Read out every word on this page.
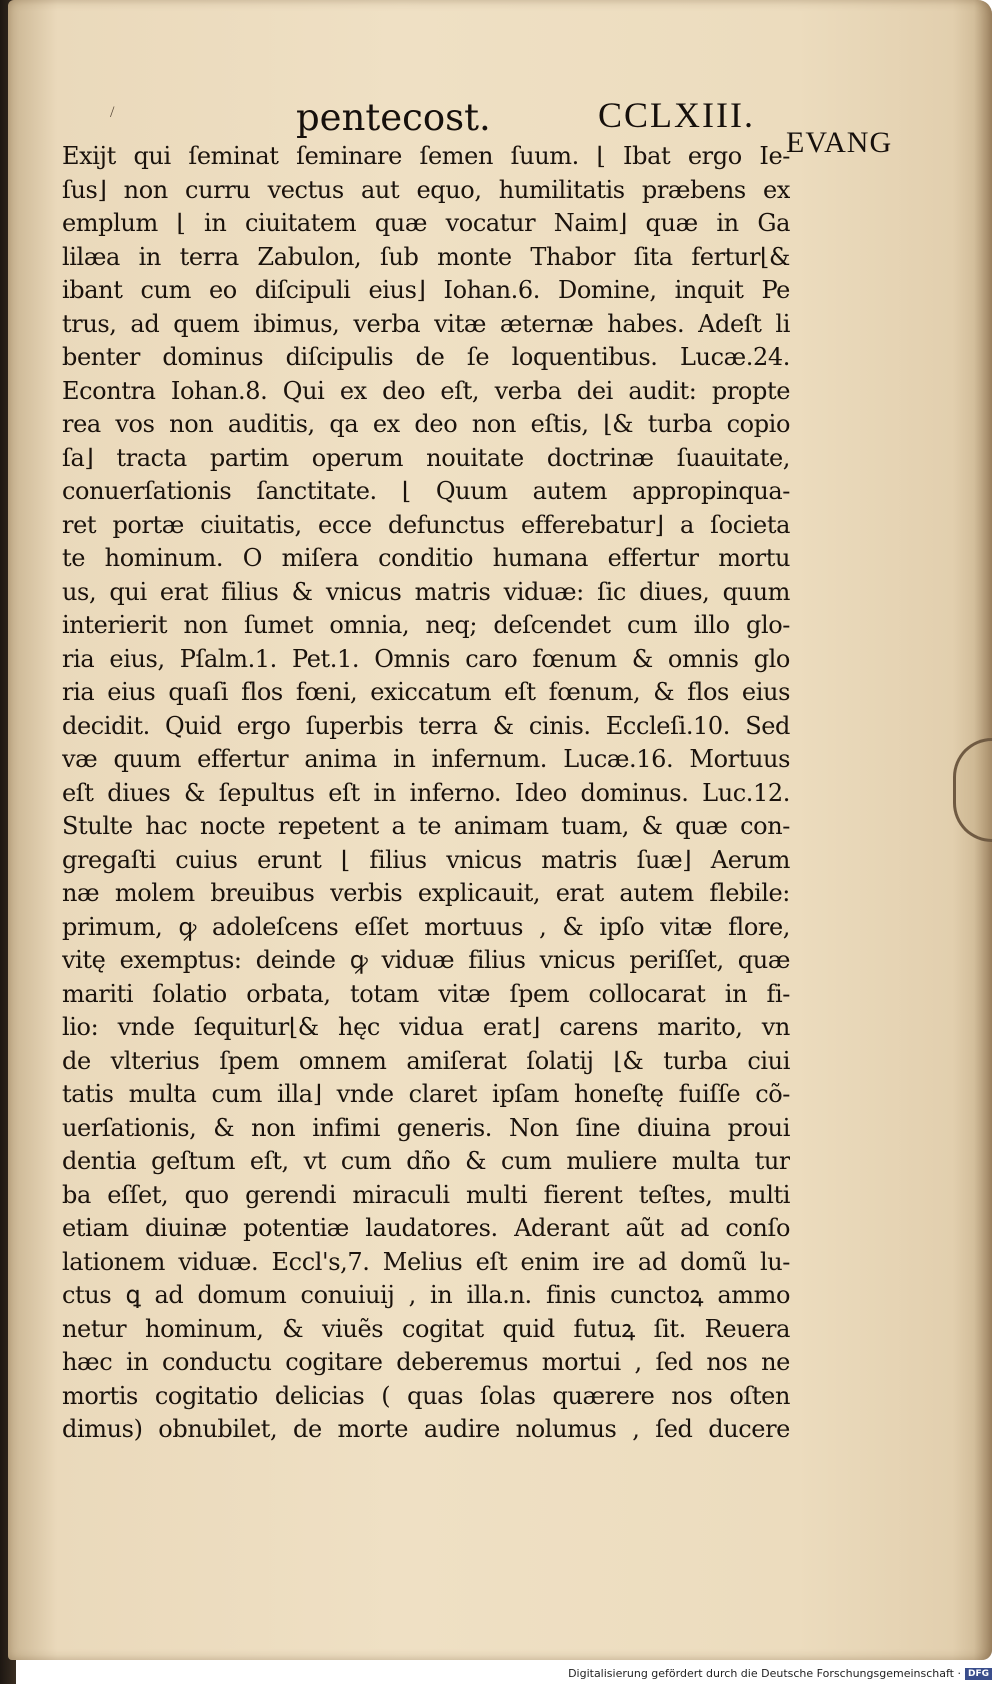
/	pentecost.	CCLXIII.
EVANG
Exijt qui ſeminat ſeminare ſemen ſuum. ⌊ Ibat ergo Ie-
ſus⌋ non curru vectus aut equo, humilitatis præbens ex
emplum ⌊ in ciuitatem quæ vocatur Naim⌋ quæ in Ga
lilæa in terra Zabulon, ſub monte Thabor ſita fertur⌊&
ibant cum eo diſcipuli eius⌋ Iohan.6. Domine, inquit Pe
trus, ad quem ibimus, verba vitæ æternæ habes. Adeſt li
benter dominus diſcipulis de ſe loquentibus. Lucæ.24.
Econtra Iohan.8. Qui ex deo eſt, verba dei audit: propte
rea vos non auditis, qa ex deo non eſtis, ⌊& turba copio
ſa⌋ tracta partim operum nouitate doctrinæ ſuauitate,
conuerſationis ſanctitate. ⌊ Quum autem appropinqua-
ret portæ ciuitatis, ecce defunctus efferebatur⌋ a ſocieta
te hominum. O miſera conditio humana effertur mortu
us, qui erat filius & vnicus matris viduæ: ſic diues, quum
interierit non ſumet omnia, neq; deſcendet cum illo glo-
ria eius, Pſalm.1. Pet.1. Omnis caro fœnum & omnis glo
ria eius quaſi flos fœni, exiccatum eſt fœnum, & flos eius
decidit. Quid ergo ſuperbis terra & cinis. Eccleſi.10. Sed
væ quum effertur anima in infernum. Lucæ.16. Mortuus
eſt diues & ſepultus eſt in inferno. Ideo dominus. Luc.12.
Stulte hac nocte repetent a te animam tuam, & quæ con-
gregaſti cuius erunt ⌊ filius vnicus matris ſuæ⌋ Aerum
næ molem breuibus verbis explicauit, erat autem flebile:
primum, ꝙ adoleſcens eſſet mortuus , & ipſo vitæ flore,
vitę exemptus: deinde ꝙ viduæ filius vnicus periſſet, quæ
mariti ſolatio orbata, totam vitæ ſpem collocarat in fi-
lio: vnde ſequitur⌊& hęc vidua erat⌋ carens marito, vn
de vlterius ſpem omnem amiſerat ſolatij ⌊& turba ciui
tatis multa cum illa⌋ vnde claret ipſam honeſtę fuiſſe cõ-
uerſationis, & non infimi generis. Non ſine diuina proui
dentia geſtum eſt, vt cum dño & cum muliere multa tur
ba eſſet, quo gerendi miraculi multi fierent teſtes, multi
etiam diuinæ potentiæ laudatores. Aderant aũt ad conſo
lationem viduæ. Eccl's,7. Melius eſt enim ire ad domũ lu-
ctus ꝗ ad domum conuiuij , in illa.n. finis cunctoꝝ ammo
netur hominum, & viuẽs cogitat quid futuꝝ ſit. Reuera
hæc in conductu cogitare deberemus mortui , ſed nos ne
mortis cogitatio delicias ( quas ſolas quærere nos oſten
dimus) obnubilet, de morte audire nolumus , ſed ducere
Digitalisierung gefördert durch die Deutsche Forschungsgemeinschaft · DFG
